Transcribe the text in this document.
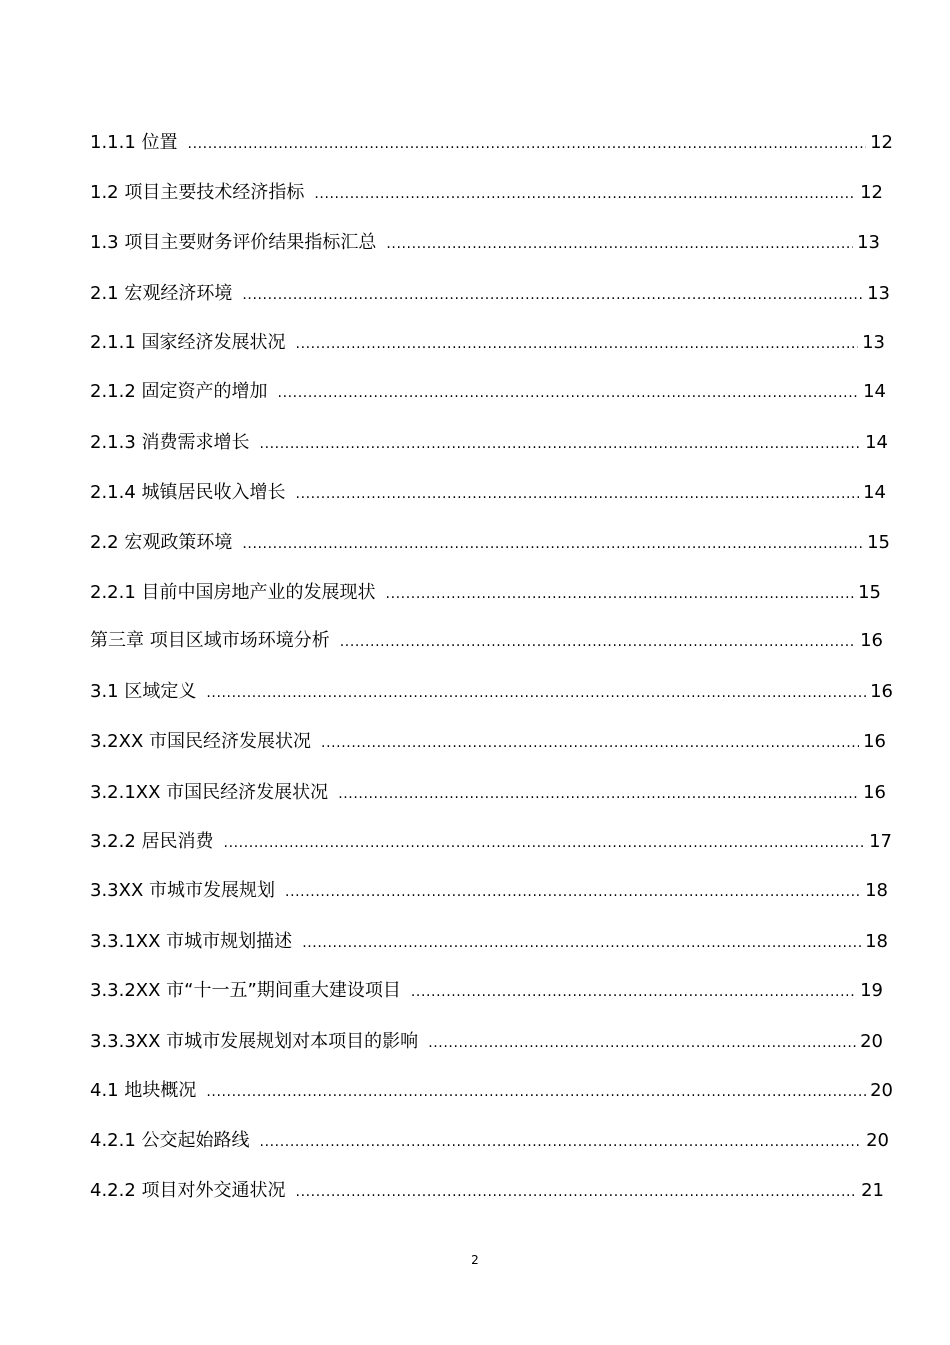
1.1.1 位置 .....	12
1.2 项目主要技术经济指标 .....	12
1.3 项目主要财务评价结果指标汇总 .....	13
2.1 宏观经济环境 .....	13
2.1.1 国家经济发展状况 .....	13
2.1.2 固定资产的增加 .....	14
2.1.3 消费需求增长 .....	14
2.1.4 城镇居民收入增长 .....	14
2.2 宏观政策环境 .....	15
2.2.1 目前中国房地产业的发展现状 .....	15
第三章 项目区域市场环境分析 .....	16
3.1 区域定义 .....	16
3.2XX 市国民经济发展状况 .....	16
3.2.1XX 市国民经济发展状况 .....	16
3.2.2 居民消费 .....	17
3.3XX 市城市发展规划 .....	18
3.3.1XX 市城市规划描述 .....	18
3.3.2XX 市“十一五”期间重大建设项目 .....	19
3.3.3XX 市城市发展规划对本项目的影响 .....	20
4.1 地块概况 .....	20
4.2.1 公交起始路线 .....	20
4.2.2 项目对外交通状况 .....	21
2
